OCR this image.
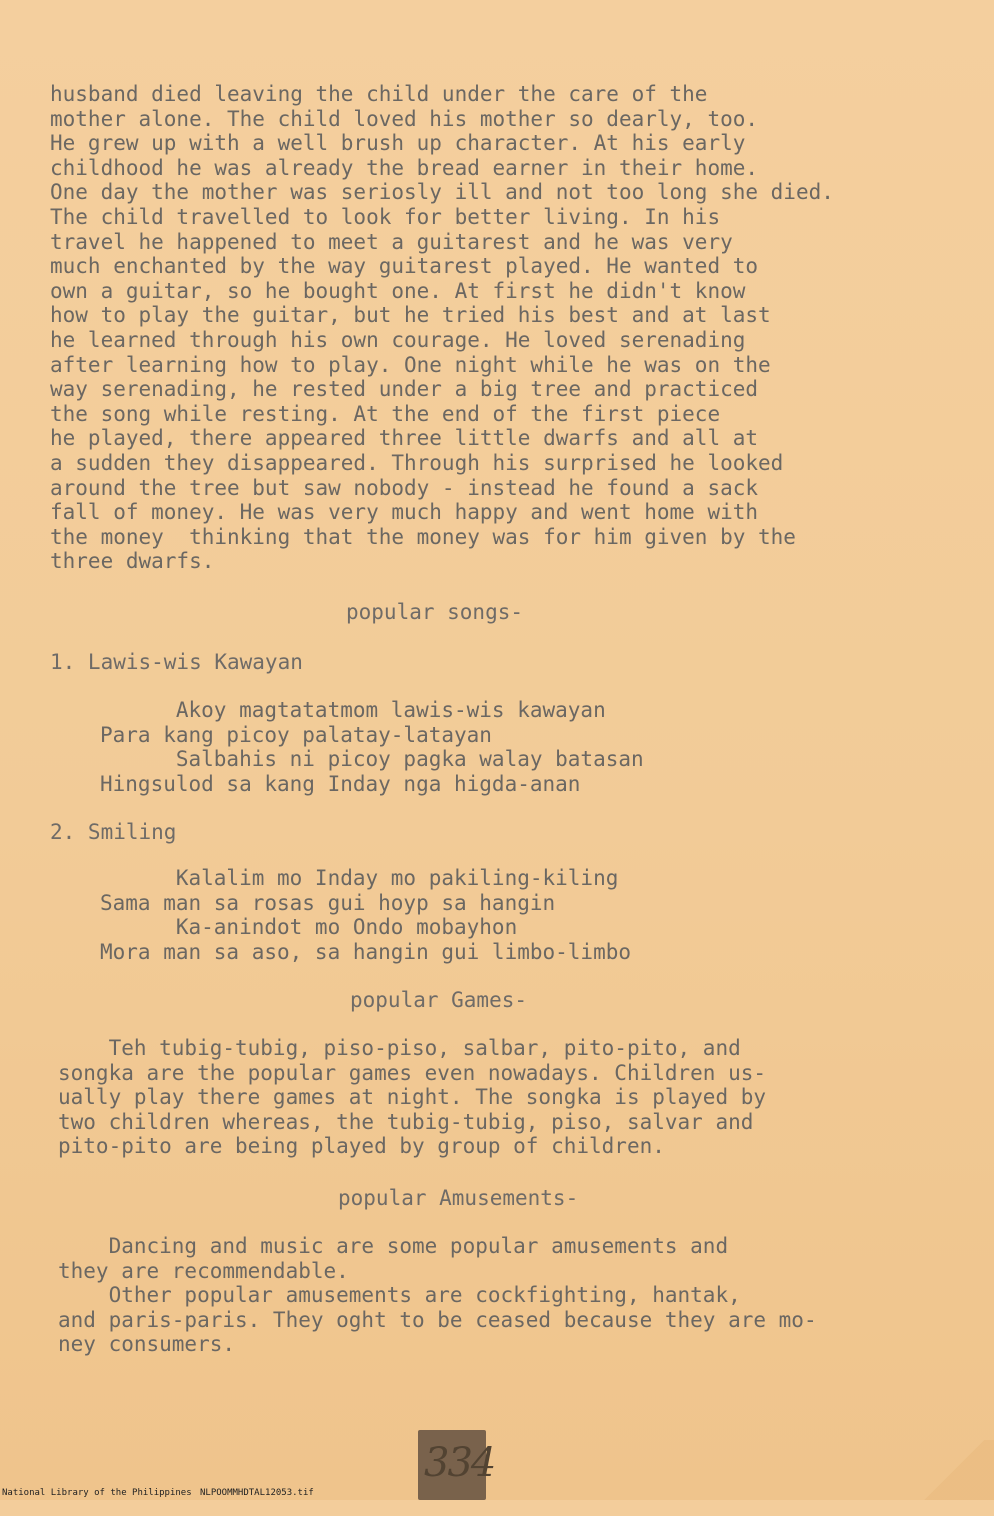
husband died leaving the child under the care of the
mother alone. The child loved his mother so dearly, too.
He grew up with a well brush up character. At his early
childhood he was already the bread earner in their home.
One day the mother was seriosly ill and not too long she died.
The child travelled to look for better living. In his
travel he happened to meet a guitarest and he was very
much enchanted by the way guitarest played. He wanted to
own a guitar, so he bought one. At first he didn't know
how to play the guitar, but he tried his best and at last
he learned through his own courage. He loved serenading
after learning how to play. One night while he was on the
way serenading, he rested under a big tree and practiced
the song while resting. At the end of the first piece
he played, there appeared three little dwarfs and all at
a sudden they disappeared. Through his surprised he looked
around the tree but saw nobody - instead he found a sack
fall of money. He was very much happy and went home with
the money  thinking that the money was for him given by the
three dwarfs.
popular songs-
1. Lawis-wis Kawayan
Akoy magtatatmom lawis-wis kawayan
Para kang picoy palatay-latayan
Salbahis ni picoy pagka walay batasan
Hingsulod sa kang Inday nga higda-anan
2. Smiling
Kalalim mo Inday mo pakiling-kiling
Sama man sa rosas gui hoyp sa hangin
Ka-anindot mo Ondo mobayhon
Mora man sa aso, sa hangin gui limbo-limbo
popular Games-
Teh tubig-tubig, piso-piso, salbar, pito-pito, and
songka are the popular games even nowadays. Children us-
ually play there games at night. The songka is played by
two children whereas, the tubig-tubig, piso, salvar and
pito-pito are being played by group of children.
popular Amusements-
Dancing and music are some popular amusements and
they are recommendable.
Other popular amusements are cockfighting, hantak,
and paris-paris. They oght to be ceased because they are mo-
ney consumers.
334

National Library of the Philippines

NLPOOMMHDTAL12053.tif
